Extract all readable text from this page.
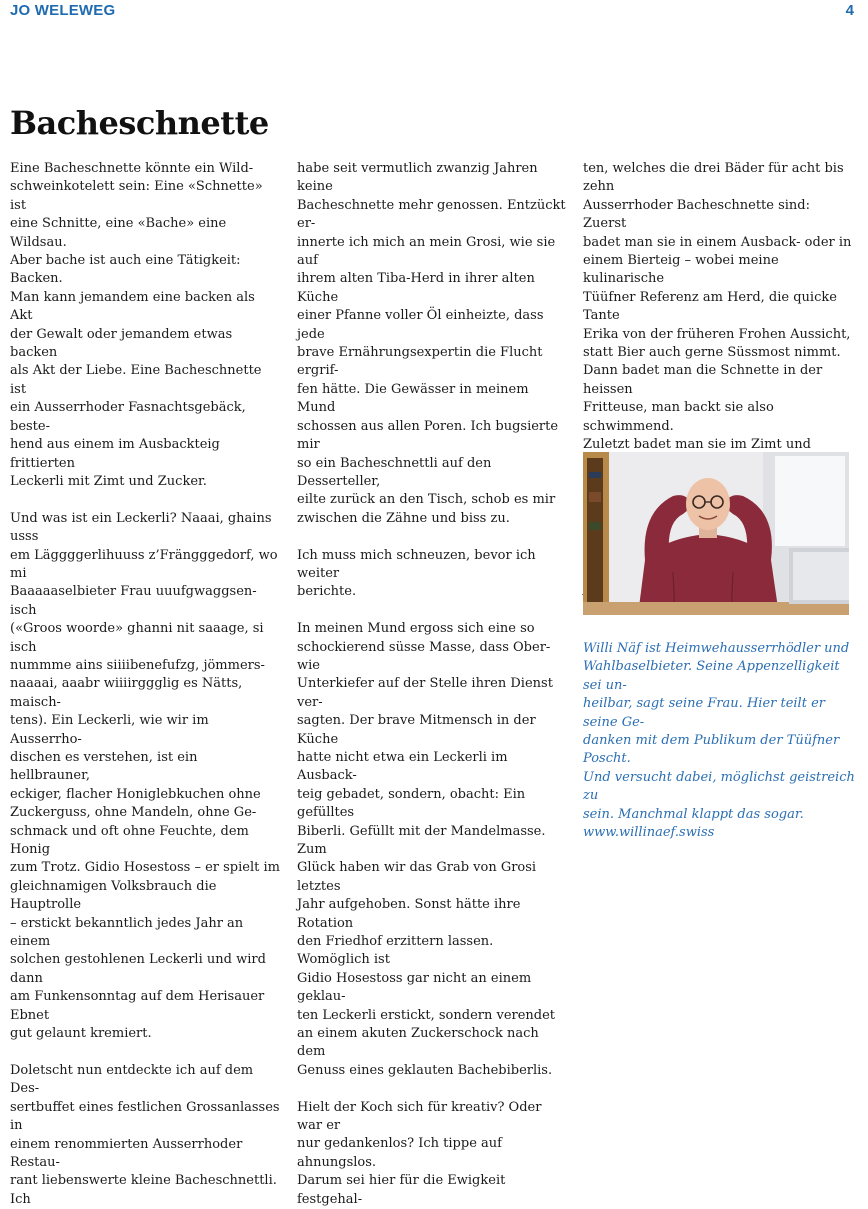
JO WELEWEG	4
Bacheschnette

Eine Bacheschnette könnte ein Wild-

schweinkotelett sein: Eine «Schnette» ist

eine Schnitte, eine «Bache» eine Wildsau.

Aber bache ist auch eine Tätigkeit: Backen.

Man kann jemandem eine backen als Akt

der Gewalt oder jemandem etwas backen

als Akt der Liebe. Eine Bacheschnette ist

ein Ausserrhoder Fasnachtsgebäck, beste-

hend aus einem im Ausbackteig frittierten

Leckerli mit Zimt und Zucker.

Und was ist ein Leckerli? Naaai, ghains usss

em Läggggerlihuuss z’Frängggedorf, wo mi

Baaaaaselbieter Frau uuufgwaggsen-isch

(«Groos woorde» ghanni nit saaage, si isch

nummme ains siiiibenefufzg, jömmers-

naaaai, aaabr wiiiirggglig es Nätts, maisch-

tens). Ein Leckerli, wie wir im Ausserrho-

dischen es verstehen, ist ein hellbrauner,

eckiger, flacher Honiglebkuchen ohne

Zuckerguss, ohne Mandeln, ohne Ge-

schmack und oft ohne Feuchte, dem Honig

zum Trotz. Gidio Hosestoss – er spielt im

gleichnamigen Volksbrauch die Hauptrolle

– erstickt bekanntlich jedes Jahr an einem

solchen gestohlenen Leckerli und wird dann

am Funkensonntag auf dem Herisauer Ebnet

gut gelaunt kremiert.

Doletscht nun entdeckte ich auf dem Des-

sertbuffet eines festlichen Grossanlasses in

einem renommierten Ausserrhoder Restau-

rant liebenswerte kleine Bacheschnettli. Ich

habe seit vermutlich zwanzig Jahren keine

Bacheschnette mehr genossen. Entzückt er-

innerte ich mich an mein Grosi, wie sie auf

ihrem alten Tiba-Herd in ihrer alten Küche

einer Pfanne voller Öl einheizte, dass jede

brave Ernährungsexpertin die Flucht ergrif-

fen hätte. Die Gewässer in meinem Mund

schossen aus allen Poren. Ich bugsierte mir

so ein Bacheschnettli auf den Desserteller,

eilte zurück an den Tisch, schob es mir

zwischen die Zähne und biss zu.

Ich muss mich schneuzen, bevor ich weiter

berichte.

In meinen Mund ergoss sich eine so

schockierend süsse Masse, dass Ober- wie

Unterkiefer auf der Stelle ihren Dienst ver-

sagten. Der brave Mitmensch in der Küche

hatte nicht etwa ein Leckerli im Ausback-

teig gebadet, sondern, obacht: Ein gefülltes

Biberli. Gefüllt mit der Mandelmasse. Zum

Glück haben wir das Grab von Grosi letztes

Jahr aufgehoben. Sonst hätte ihre Rotation

den Friedhof erzittern lassen. Womöglich ist

Gidio Hosestoss gar nicht an einem geklau-

ten Leckerli erstickt, sondern verendet

an einem akuten Zuckerschock nach dem

Genuss eines geklauten Bachebiberlis.

Hielt der Koch sich für kreativ? Oder war er

nur gedankenlos? Ich tippe auf ahnungslos.

Darum sei hier für die Ewigkeit festgehal-

ten, welches die drei Bäder für acht bis zehn

Ausserrhoder Bacheschnette sind: Zuerst

badet man sie in einem Ausback- oder in

einem Bierteig – wobei meine kulinarische

Tüüfner Referenz am Herd, die quicke Tante

Erika von der früheren Frohen Aussicht,

statt Bier auch gerne Süssmost nimmt.

Dann badet man die Schnette in der heissen

Fritteuse, man backt sie also schwimmend.

Zuletzt badet man sie im Zimt und

Willi Näf ist Heimwehausserrhödler und

Wahlbaselbieter. Seine Appenzelligkeit sei un-

heilbar, sagt seine Frau. Hier teilt er seine Ge-

danken mit dem Publikum der Tüüfner Poscht.

Und versucht dabei, möglichst geistreich zu

sein. Manchmal klappt das sogar.

www.willinaef.swiss
